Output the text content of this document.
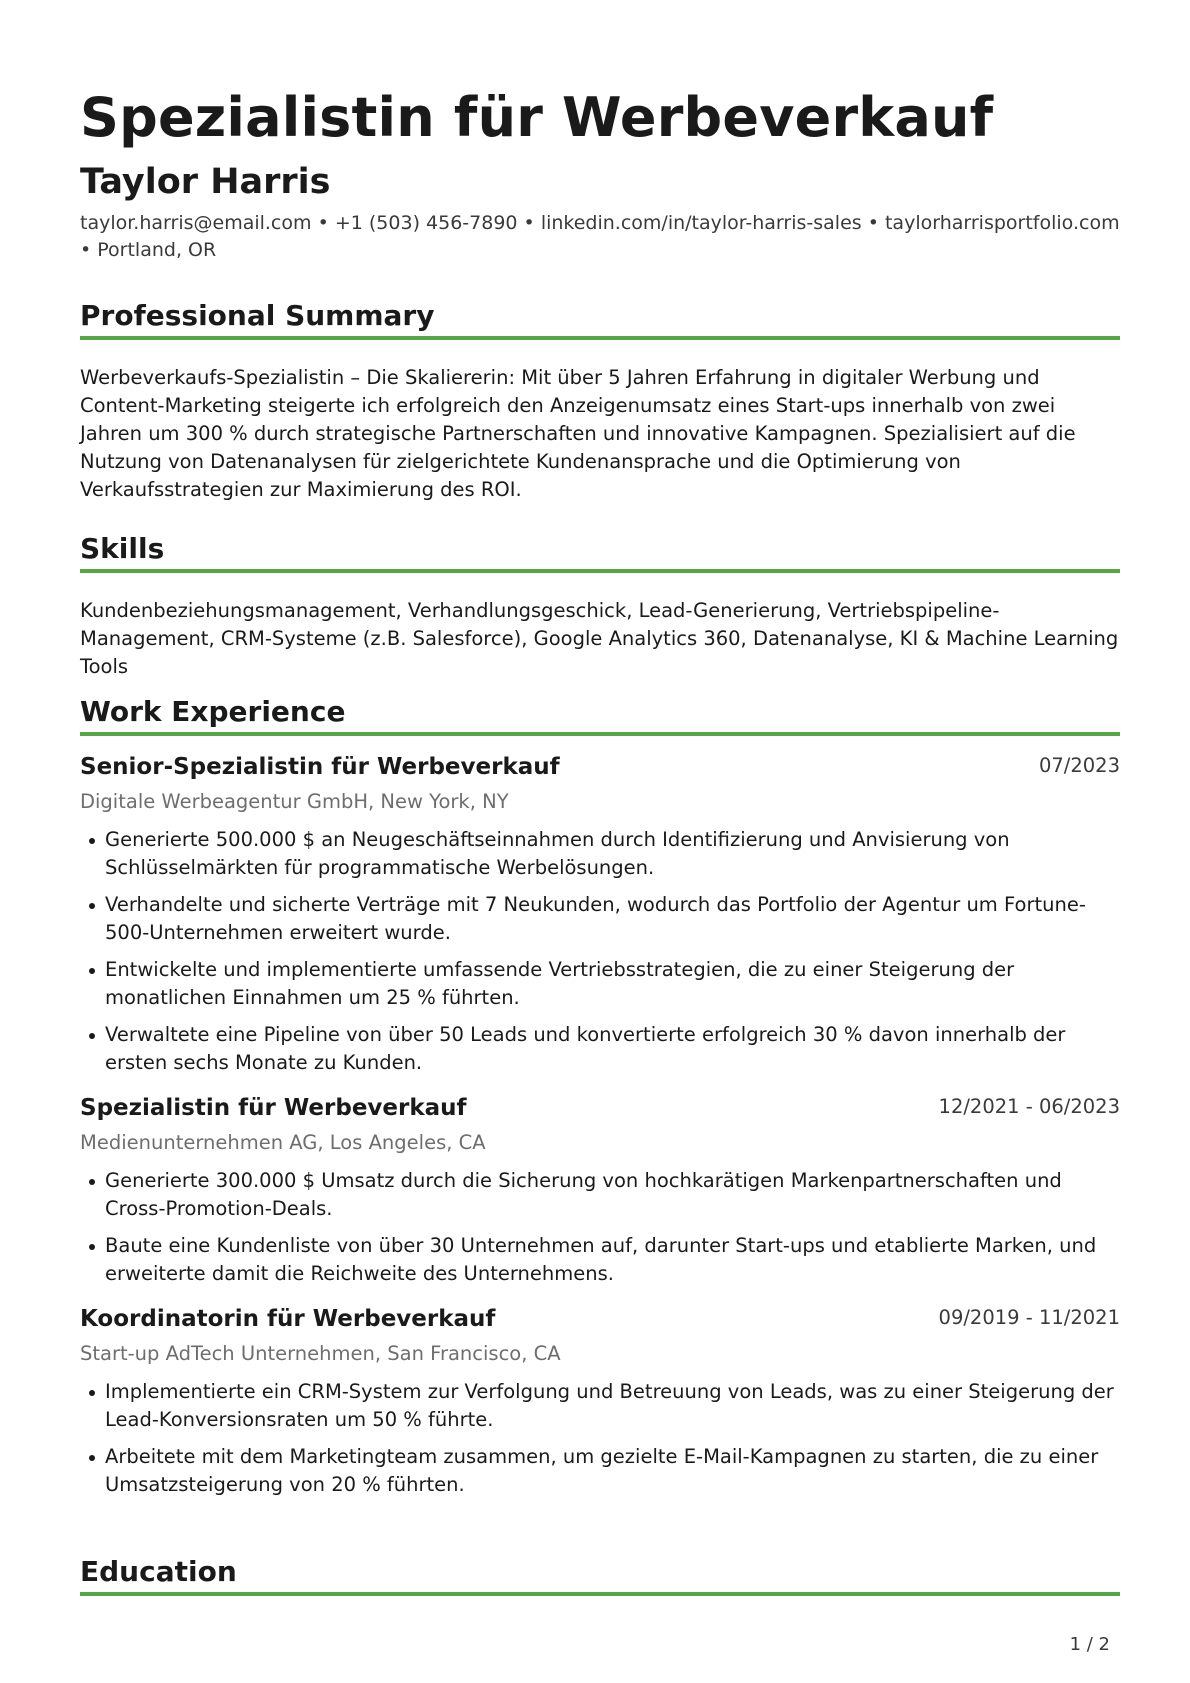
Spezialistin für Werbeverkauf
Taylor Harris
taylor.harris@email.com • +1 (503) 456-7890 • linkedin.com/in/taylor-harris-sales • taylorharrisportfolio.com • Portland, OR
Professional Summary

Werbeverkaufs-Spezialistin – Die Skaliererin: Mit über 5 Jahren Erfahrung in digitaler Werbung und Content-Marketing steigerte ich erfolgreich den Anzeigenumsatz eines Start-ups innerhalb von zwei Jahren um 300 % durch strategische Partnerschaften und innovative Kampagnen. Spezialisiert auf die Nutzung von Datenanalysen für zielgerichtete Kundenansprache und die Optimierung von Verkaufsstrategien zur Maximierung des ROI.

Skills

Kundenbeziehungsmanagement, Verhandlungsgeschick, Lead-Generierung, Vertriebspipeline-Management, CRM-Systeme (z.B. Salesforce), Google Analytics 360, Datenanalyse, KI & Machine Learning Tools

Work Experience

Senior-Spezialistin für Werbeverkauf	07/2023
Digitale Werbeagentur GmbH, New York, NY
Generierte 500.000 $ an Neugeschäftseinnahmen durch Identifizierung und Anvisierung von Schlüsselmärkten für programmatische Werbelösungen.
Verhandelte und sicherte Verträge mit 7 Neukunden, wodurch das Portfolio der Agentur um Fortune-500-Unternehmen erweitert wurde.
Entwickelte und implementierte umfassende Vertriebsstrategien, die zu einer Steigerung der monatlichen Einnahmen um 25 % führten.
Verwaltete eine Pipeline von über 50 Leads und konvertierte erfolgreich 30 % davon innerhalb der ersten sechs Monate zu Kunden.

Spezialistin für Werbeverkauf	12/2021 - 06/2023
Medienunternehmen AG, Los Angeles, CA
Generierte 300.000 $ Umsatz durch die Sicherung von hochkarätigen Markenpartnerschaften und Cross-Promotion-Deals.
Baute eine Kundenliste von über 30 Unternehmen auf, darunter Start-ups und etablierte Marken, und erweiterte damit die Reichweite des Unternehmens.

Koordinatorin für Werbeverkauf	09/2019 - 11/2021
Start-up AdTech Unternehmen, San Francisco, CA
Implementierte ein CRM-System zur Verfolgung und Betreuung von Leads, was zu einer Steigerung der Lead-Konversionsraten um 50 % führte.
Arbeitete mit dem Marketingteam zusammen, um gezielte E-Mail-Kampagnen zu starten, die zu einer Umsatzsteigerung von 20 % führten.
Education
1 / 2
